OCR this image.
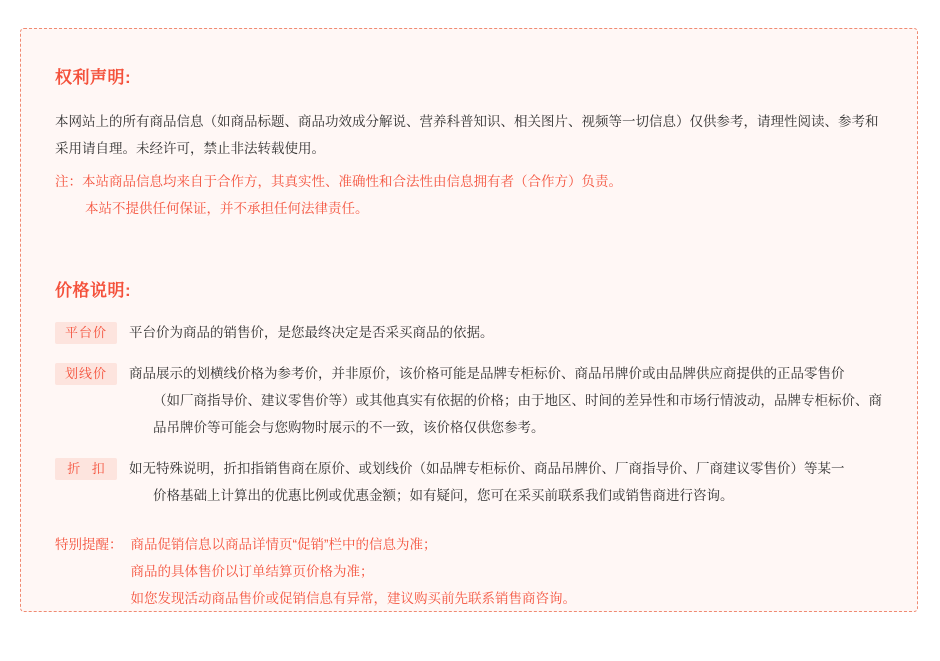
权利声明:

本网站上的所有商品信息（如商品标题、商品功效成分解说、营养科普知识、相关图片、视频等一切信息）仅供参考，请理性阅读、参考和采用请自理。未经许可，禁止非法转载使用。

注：本站商品信息均来自于合作方，其真实性、准确性和合法性由信息拥有者（合作方）负责。

本站不提供任何保证，并不承担任何法律责任。

价格说明:
平台价	平台价为商品的销售价，是您最终决定是否采买商品的依据。
划线价	商品展示的划横线价格为参考价，并非原价，该价格可能是品牌专柜标价、商品吊牌价或由品牌供应商提供的正品零售价
（如厂商指导价、建议零售价等）或其他真实有依据的价格；由于地区、时间的差异性和市场行情波动，品牌专柜标价、商品吊牌价等可能会与您购物时展示的不一致，该价格仅供您参考。
折 扣	如无特殊说明，折扣指销售商在原价、或划线价（如品牌专柜标价、商品吊牌价、厂商指导价、厂商建议零售价）等某一
价格基础上计算出的优惠比例或优惠金额；如有疑问，您可在采买前联系我们或销售商进行咨询。
特别提醒： 商品促销信息以商品详情页“促销”栏中的信息为准；

商品的具体售价以订单结算页价格为准；

如您发现活动商品售价或促销信息有异常，建议购买前先联系销售商咨询。
